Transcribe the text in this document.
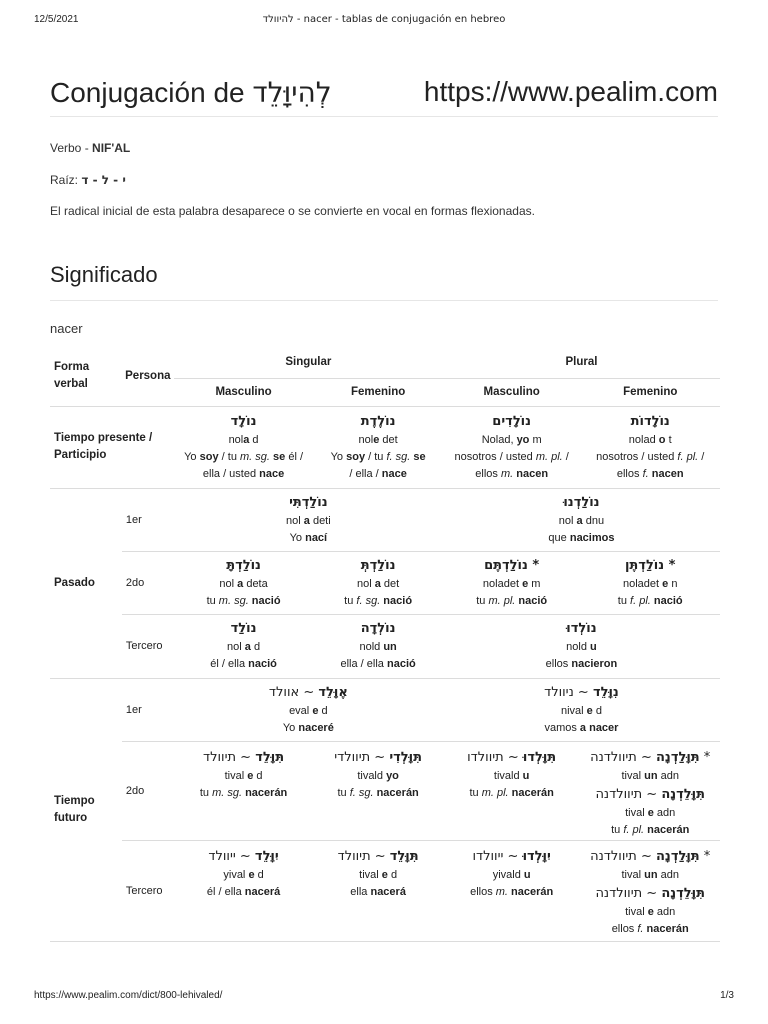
12/5/2021	להיוולד - nacer - tablas de conjugación en hebreo
Conjugación de לְהִיוָּלֵד	https://www.pealim.com
Verbo - NIF'AL
Raíz: י - ל - ד
El radical inicial de esta palabra desaparece o se convierte en vocal en formas flexionadas.
Significado
nacer
Forma verbal	Persona	Singular		Plural	
		Masculino	Femenino	Masculino	Femenino
Tiempo presente / Participio		נוֹלָד
nola d
Yo soy / tu m. sg. se él /
ella / usted nace	נוֹלֶדֶת
nole det
Yo soy / tu f. sg. se
/ ella / nace	נוֹלָדִים
Nolad, yo m
nosotros / usted m. pl. /
ellos m. nacen	נוֹלָדוֹת
nolad o t
nosotros / usted f. pl. /
ellos f. nacen

Pasado	1er	נוֹלַדְתִּי
nol a deti
Yo nací		נוֹלַדְנוּ
nol a dnu
que nacimos	

	2do	נוֹלַדְתָּ
nol a deta
tu m. sg. nació	נוֹלַדְתְּ
nol a det
tu f. sg. nació	נוֹלַדְתֶּם *
noladet e m
tu m. pl. nació	נוֹלַדְתֶּן *
noladet e n
tu f. pl. nació

	Tercero	נוֹלַד
nol a d
él / ella nació	נוֹלְדָה
nold un
ella / ella nació	נוֹלְדוּ
nold u
ellos nacieron	

Tiempo futuro	1er	אֶוָּלֵד ~ אוולד
eval e d
Yo naceré		נִוָּלֵד ~ ניוולד
nival e d
vamos a nacer	

	2do	תִּוָּלֵד ~ תיוולד
tival e d
tu m. sg. nacerán	תִּוָּלְדִי ~ תיוולדי
tivald yo
tu f. sg. nacerán	תִּוָּלְדוּ ~ תיוולדו
tivald u
tu m. pl. nacerán	תִּוָּלַדְנָה ~ תיוולדנה *
tival un adn
תִּוָּלֵדְנָה ~ תיוולדנה
tival e adn
tu f. pl. nacerán

	Tercero	יִוָּלֵד ~ ייוולד
yival e d
él / ella nacerá	תִּוָּלֵד ~ תיוולד
tival e d
ella nacerá	יִוָּלְדוּ ~ ייוולדו
yivald u
ellos m. nacerán	תִּוָּלַדְנָה ~ תיוולדנה *
tival un adn
תִּוָּלֵדְנָה ~ תיוולדנה
tival e adn
ellos f. nacerán
https://www.pealim.com/dict/800-lehivaled/	1/3
